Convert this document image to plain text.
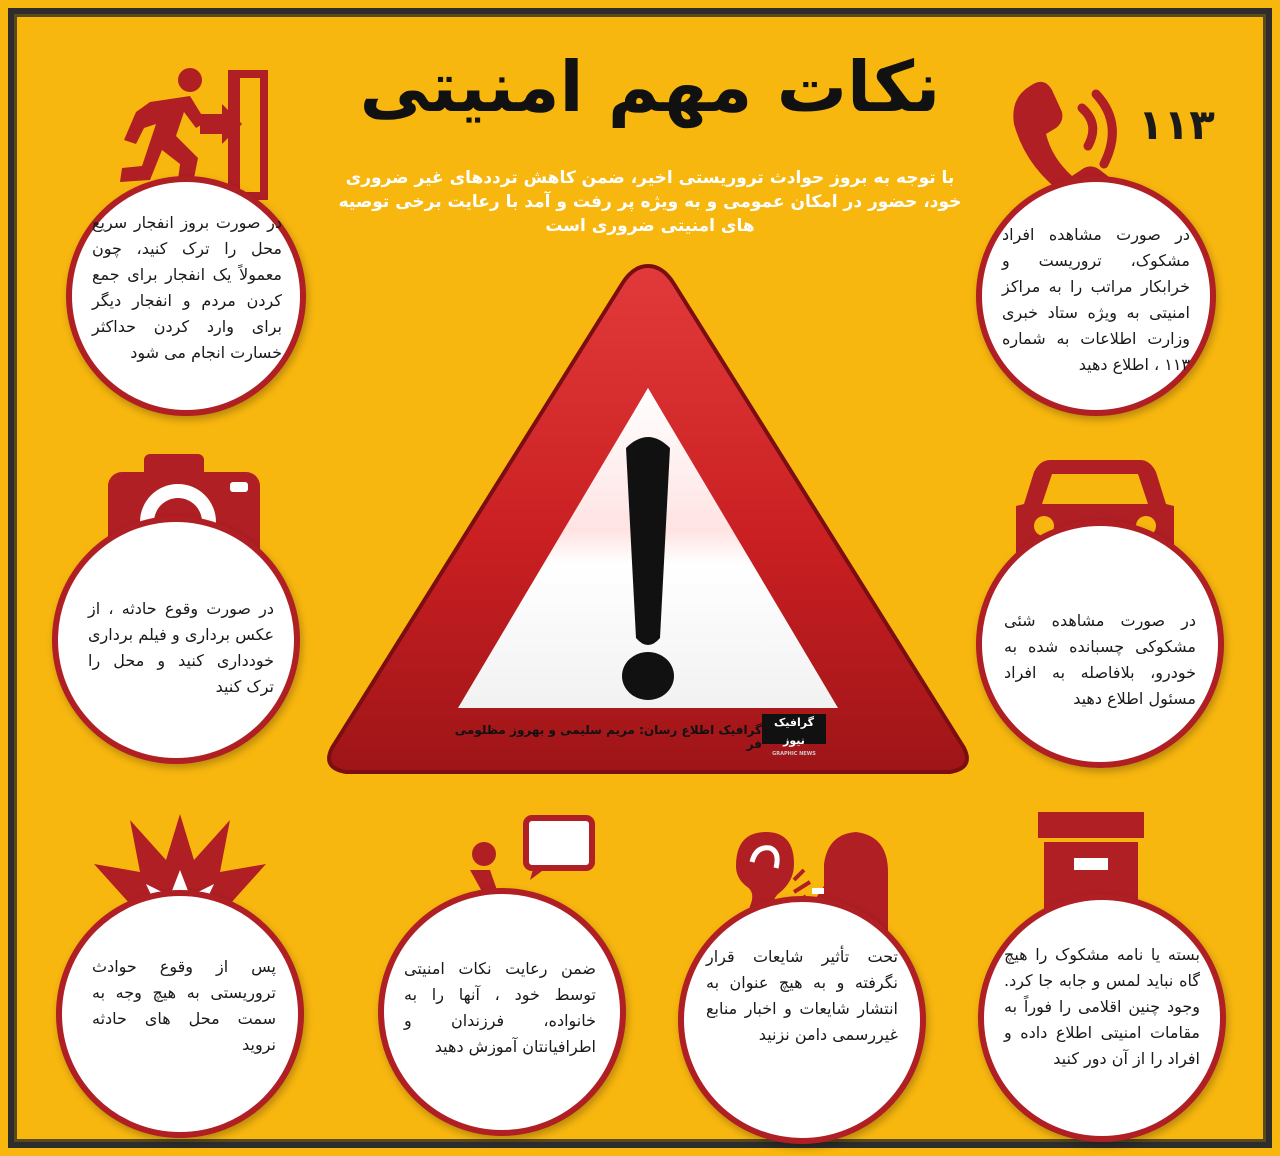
نکات مهم امنیتی
با توجه به بروز حوادث تروریستی اخیر، ضمن کاهش ترددهای غیر ضروری خود، حضور در امکان عمومی و به ویژه پر رفت و آمد با رعایت برخی توصیه های امنیتی ضروری است
گرافیک اطلاع رسان: مریم سلیمی و بهروز مظلومی فر
گرافیک نیوز
GRAPHIC NEWS
در صورت بروز انفجار سریع محل را ترک کنید، چون معمولاً یک انفجار برای جمع کردن مردم و انفجار دیگر برای وارد کردن حداکثر خسارت انجام می شود
۱۱۳
در صورت مشاهده افراد مشکوک، تروریست و خرابکار مراتب را به مراکز امنیتی به ویژه ستاد خبری وزارت اطلاعات به شماره ۱۱۳ ، اطلاع دهید
در صورت وقوع حادثه ، از عکس برداری و فیلم برداری خودداری کنید و محل را ترک کنید
در صورت مشاهده شئی مشکوکی چسبانده شده به خودرو، بلافاصله به افراد مسئول اطلاع دهید
پس از وقوع حوادث تروریستی به هیچ وجه به سمت محل های حادثه نروید
ضمن رعایت نکات امنیتی توسط خود ، آنها را به خانواده، فرزندان و اطرافیانتان آموزش دهید
تحت تأثیر شایعات قرار نگرفته و به هیچ عنوان به انتشار شایعات و اخبار منابع غیررسمی دامن نزنید
بسته یا نامه مشکوک را هیچ گاه نباید لمس و جابه جا کرد. وجود چنین اقلامی را فوراً به مقامات امنیتی اطلاع داده و افراد را از آن دور کنید
